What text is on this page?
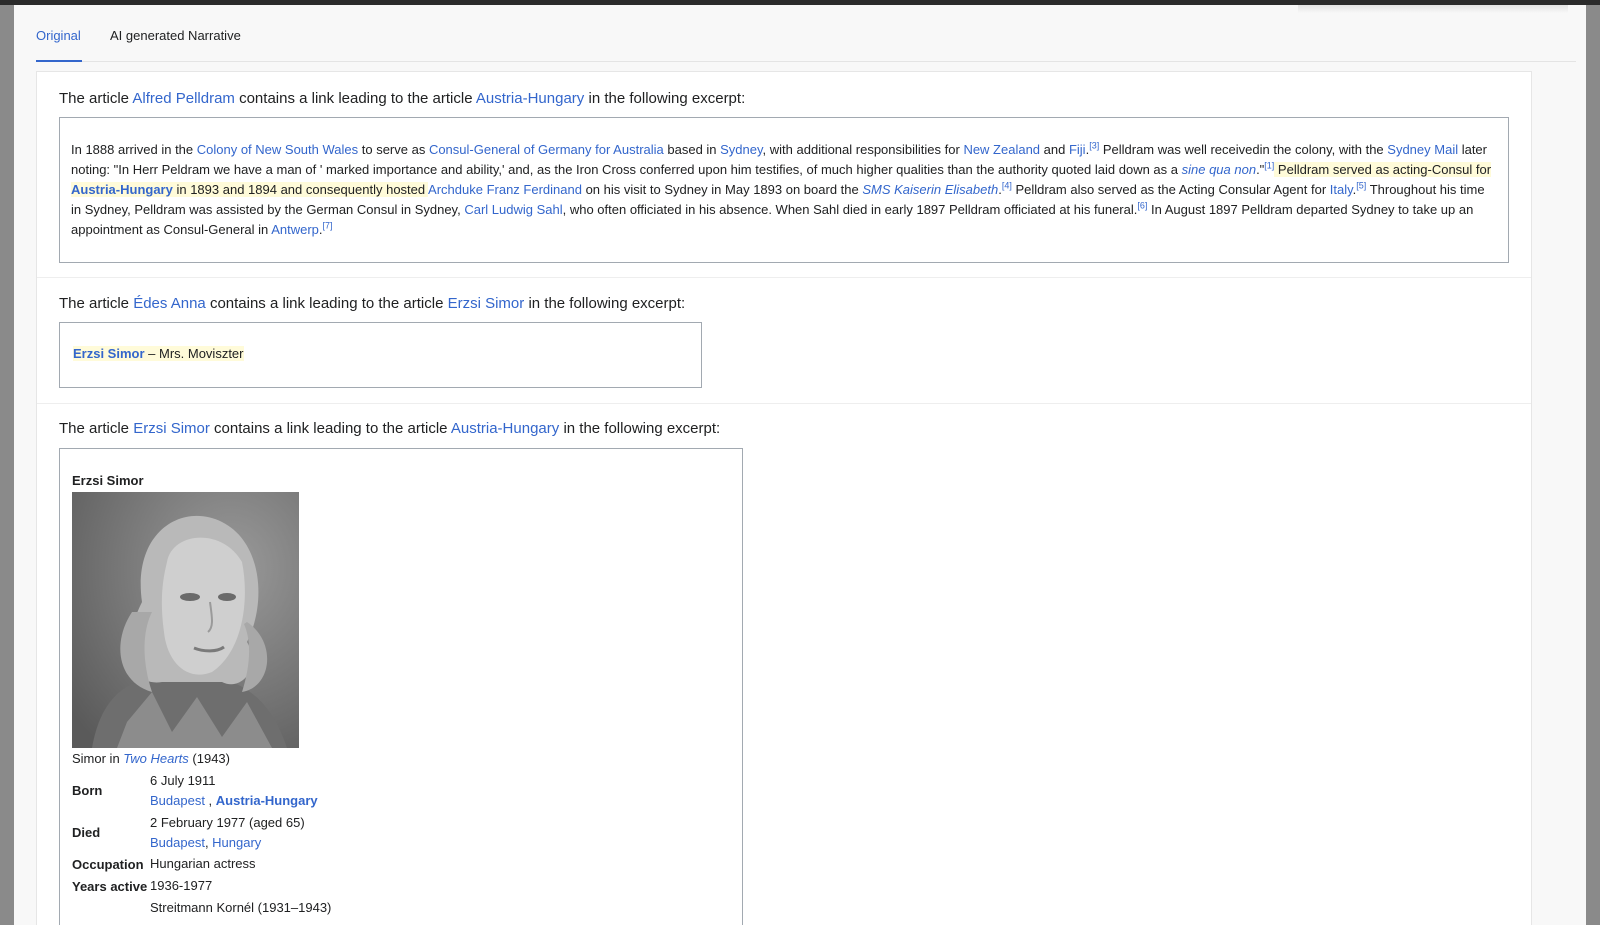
Original AI generated Narrative
The article Alfred Pelldram contains a link leading to the article Austria-Hungary in the following excerpt:
In 1888 arrived in the Colony of New South Wales to serve as Consul-General of Germany for Australia based in Sydney, with additional responsibilities for New Zealand and Fiji.[3] Pelldram was well receivedin the colony, with the Sydney Mail later noting: "In Herr Peldram we have a man of ' marked importance and ability,' and, as the Iron Cross conferred upon him testifies, of much higher qualities than the authority quoted laid down as a sine qua non."[1] Pelldram served as acting-Consul for Austria-Hungary in 1893 and 1894 and consequently hosted Archduke Franz Ferdinand on his visit to Sydney in May 1893 on board the SMS Kaiserin Elisabeth.[4] Pelldram also served as the Acting Consular Agent for Italy.[5] Throughout his time in Sydney, Pelldram was assisted by the German Consul in Sydney, Carl Ludwig Sahl, who often officiated in his absence. When Sahl died in early 1897 Pelldram officiated at his funeral.[6] In August 1897 Pelldram departed Sydney to take up an appointment as Consul-General in Antwerp.[7]
The article Édes Anna contains a link leading to the article Erzsi Simor in the following excerpt:
Erzsi Simor – Mrs. Moviszter
The article Erzsi Simor contains a link leading to the article Austria-Hungary in the following excerpt:
Erzsi Simor
Simor in Two Hearts (1943)
Born
6 July 1911
Budapest , Austria-Hungary
Died
2 February 1977 (aged 65)
Budapest, Hungary
Occupation Hungarian actress
Years active 1936-1977
Streitmann Kornél (1931–1943)
